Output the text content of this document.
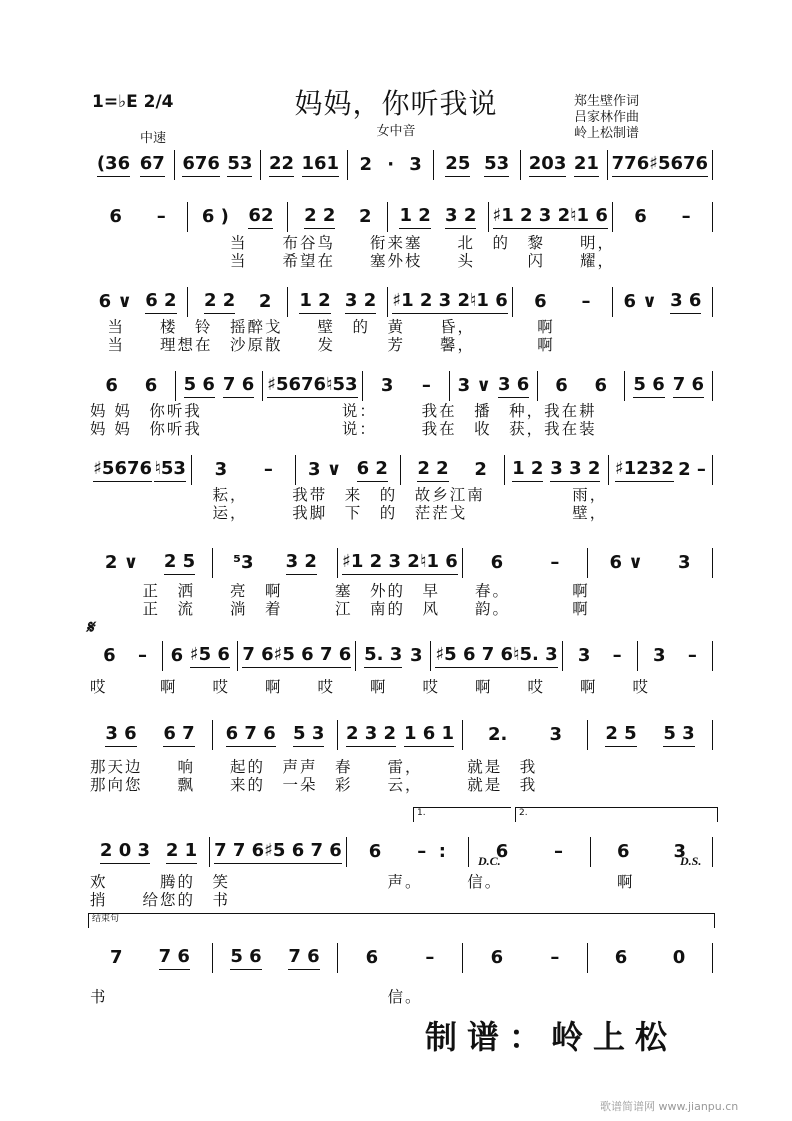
1=♭E 2/4	妈妈，你听我说
女中音
中速
郑生壁作词
吕家林作曲
岭上松制谱
(36 67 676 53 22 161 2 · 3 25 53 203 21 776 ♯5676
6 – 6 ) 62 2 2 2 1 2 3 2 ♯1 2 3 2 ♮1 6 6 –
　　　　　　　　当　　布谷鸟　　衔来塞　　北　的　黎　　明，
　　　　　　　　当　　希望在　　塞外枝　　头　　　闪　　耀，
6 ∨ 6 2 2 2 2 1 2 3 2 ♯1 2 3 2 ♮1 6 6 – 6 ∨ 3 6
　当　　楼　铃　摇醉戈　　壁　的　黄　　昏，　　　　啊
　当　　理想在　沙原散　　发　　　芳　　馨，　　　　啊
6 6 5 6 7 6 ♯5676 ♮53 3 – 3 ∨ 3 6 6 6 5 6 7 6
妈 妈　你听我　　　　　　　　说：　　　我在　播　种，我在耕
妈 妈　你听我　　　　　　　　说：　　　我在　收　获，我在装
♯5676 ♮53 3 – 3 ∨ 6 2 2 2 2 1 2 3 3 2 ♯1232 2 –
　　　　　　　耘，　　　我带　来　的　故乡江南　　　　　雨，
　　　　　　　运，　　　我脚　下　的　茫茫戈　　　　　　壁，
2 ∨ 2 5 ⁵3 3 2 ♯1 2 3 2 ♮1 6 6	–	6 ∨ 3
　　　正　洒　　亮　啊　　　塞　外的　早　　春。　　　　啊
　　　正　流　　淌　着　　　江　南的　风　　韵。　　　　啊
6 – 6 ♯5 6 7 6 ♯5 6 7 6 5. 3 3 ♯5 6 7 6 ♮5. 3 3 – 3 –
哎　　　啊　　哎　　啊　　哎　　啊　　哎　　啊　　哎　　啊　　哎
𝄋
3 6 6 7 6 7 6 5 3 2 3 2 1 6 1 2. 3 2 5 5 3
那天边　　响　　起的　声声　春　　雷，　　　就是　我
那向您　　飘　　来的　一朵　彩　　云，　　　就是　我
2 0 3 2 1 7 7 6 ♯5 6 7 6 6 –  :	6	–	6 3
欢　　　腾的　笑　　　　　　　　　声。　　　信。　　　　　　　啊
捎　　给您的　书
D.C.	D.S.
1.	2.
7 7 6 5 6 7 6	6	–	6	–	6	0
书　　　　　　　　　　　　　　　　信。
结束句
制谱：岭上松
歌谱简谱网 www.jianpu.cn
